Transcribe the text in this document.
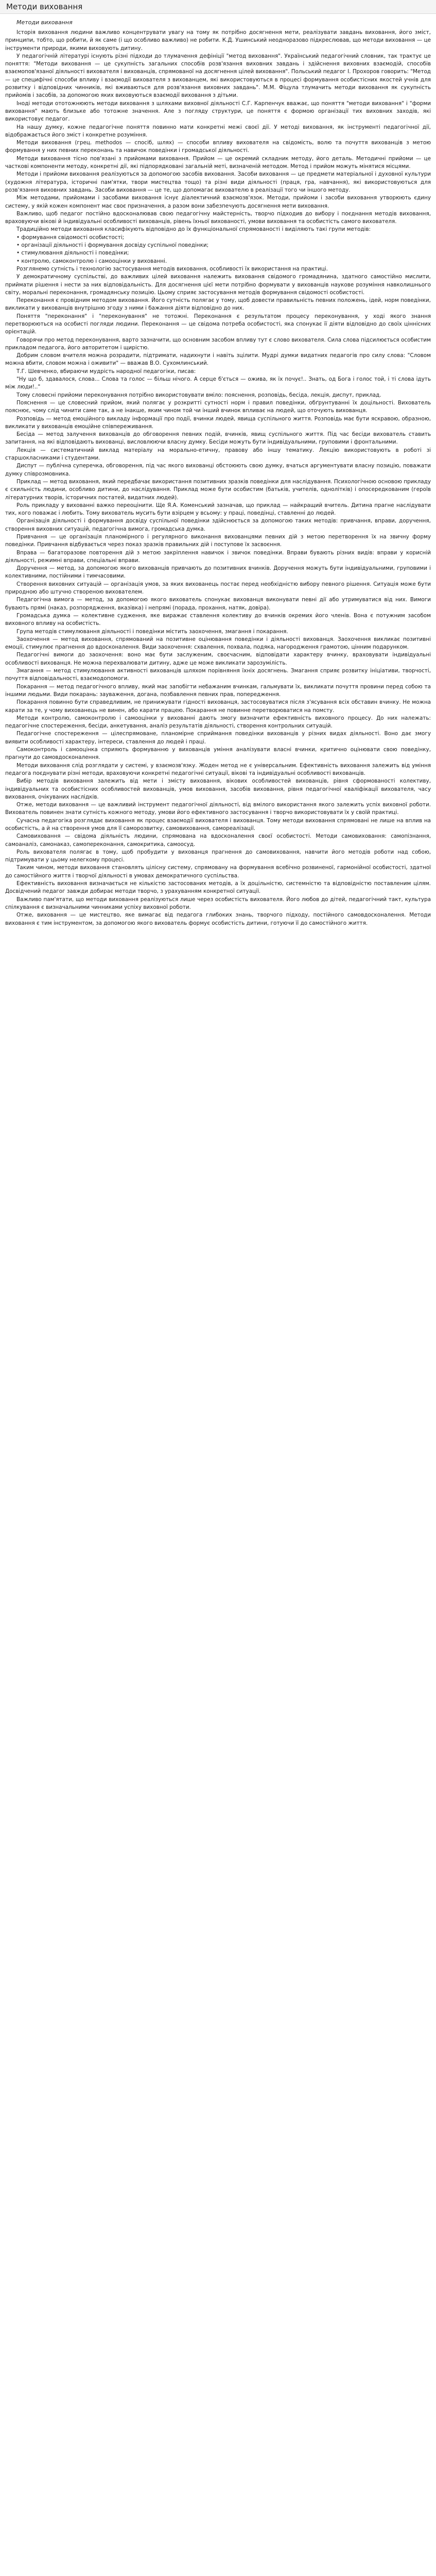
Методи виховання
Методи виховання

Історія виховання людини важливо концентрувати увагу на тому як потрібно досягнення мети, реалізувати завдань виховання, його зміст, принципи, тобто, що робити, й як саме (і що особливо важливо) не робити. К.Д. Ушинський неодноразово підкреслював, що методи виховання — це інструменти природи, якими виховують дитину.

У педагогічній літературі існують різні підходи до тлумачення дефініції "метод виховання". Український педагогічний словник, так трактує це поняття: "Методи виховання — це сукупність загальних способів розв'язання виховних завдань і здійснення виховних взаємодій, способів взаємопов'язаної діяльності вихователя і вихованців, спрямованої на досягнення цілей виховання". Польський педагог І. Прохоров говорить: "Метод — це специфічні способи впливу і взаємодії вихователя з вихованцем, які використовуються в процесі формування особистісних якостей учнів для розвитку і відповідних чинників, які вживаються для розв'язання виховних завдань". М.М. Фіцула тлумачить методи виховання як сукупність прийомів і засобів, за допомогою яких виховуються взаємодії виховання з дітьми.

Іноді методи ототожнюють методи виховання з шляхами виховної діяльності С.Г. Карпенчук вважає, що поняття "методи виховання" і "форми виховання" мають близьке або тотожне значення. Але з погляду структури, це поняття є формою організації тих виховних заходів, які використовує педагог.

На нашу думку, кожне педагогічне поняття повинно мати конкретні межі своєї дії. У методі виховання, як інструменті педагогічної дії, відображається його зміст і конкретне розуміння.

Методи виховання (грец. methodos — спосіб, шлях) — способи впливу вихователя на свідомість, волю та почуття вихованців з метою формування у них певних переконань та навичок поведінки і громадської діяльності.

Методи виховання тісно пов'язані з прийомами виховання. Прийом — це окремий складник методу, його деталь. Методичні прийоми — це часткові компоненти методу, конкретні дії, які підпорядковані загальній меті, визначеній методом. Метод і прийом можуть мінятися місцями.

Методи і прийоми виховання реалізуються за допомогою засобів виховання. Засоби виховання — це предмети матеріальної і духовної культури (художня література, історичні пам'ятки, твори мистецтва тощо) та різні види діяльності (праця, гра, навчання), які використовуються для розв'язання виховних завдань. Засоби виховання — це те, що допомагає вихователю в реалізації того чи іншого методу.

Між методами, прийомами і засобами виховання існує діалектичний взаємозв'язок. Методи, прийоми і засоби виховання утворюють єдину систему, у якій кожен компонент має своє призначення, а разом вони забезпечують досягнення мети виховання.

Важливо, щоб педагог постійно вдосконалював свою педагогічну майстерність, творчо підходив до вибору і поєднання методів виховання, враховуючи вікові й індивідуальні особливості вихованців, рівень їхньої вихованості, умови виховання та особистість самого вихователя.

Традиційно методи виховання класифікують відповідно до їх функціональної спрямованості і виділяють такі групи методів:

• формування свідомості особистості;

• організації діяльності і формування досвіду суспільної поведінки;

• стимулювання діяльності і поведінки;

• контролю, самоконтролю і самооцінки у вихованні.

Розглянемо сутність і технологію застосування методів виховання, особливості їх використання на практиці.

У демократичному суспільстві, до важливих цілей виховання належить виховання свідомого громадянина, здатного самостійно мислити, приймати рішення і нести за них відповідальність. Для досягнення цієї мети потрібно формувати у вихованців наукове розуміння навколишнього світу, моральні переконання, громадянську позицію. Цьому сприяє застосування методів формування свідомості особистості.

Переконання є провідним методом виховання. Його сутність полягає у тому, щоб довести правильність певних положень, ідей, норм поведінки, викликати у вихованців внутрішню згоду з ними і бажання діяти відповідно до них.

Поняття "переконання" і "переконування" не тотожні. Переконання є результатом процесу переконування, у ході якого знання перетворюються на особисті погляди людини. Переконання — це свідома потреба особистості, яка спонукає її діяти відповідно до своїх ціннісних орієнтацій.

Говорячи про метод переконування, варто зазначити, що основним засобом впливу тут є слово вихователя. Сила слова підсилюється особистим прикладом педагога, його авторитетом і щирістю.

Добрим словом вчителя можна розрадити, підтримати, надихнути і навіть зцілити. Мудрі думки видатних педагогів про силу слова: "Словом можна вбити, словом можна і оживити" — вважав В.О. Сухомлинський.

Т.Г. Шевченко, вбираючи мудрість народної педагогіки, писав:

"Ну що б, здавалося, слова... Слова та голос — більш нічого. А серце б'ється — ожива, як їх почує!.. Знать, од Бога і голос той, і ті слова ідуть між люди!.."

Тому словесні прийоми переконування потрібно використовувати вміло: пояснення, розповідь, бесіда, лекція, диспут, приклад.

Пояснення — це словесний прийом, який полягає у розкритті сутності норм і правил поведінки, обґрунтуванні їх доцільності. Вихователь пояснює, чому слід чинити саме так, а не інакше, яким чином той чи інший вчинок впливає на людей, що оточують вихованця.

Розповідь — метод емоційного викладу інформації про події, вчинки людей, явища суспільного життя. Розповідь має бути яскравою, образною, викликати у вихованців емоційне співпереживання.

Бесіда — метод залучення вихованців до обговорення певних подій, вчинків, явищ суспільного життя. Під час бесіди вихователь ставить запитання, на які відповідають вихованці, висловлюючи власну думку. Бесіди можуть бути індивідуальними, груповими і фронтальними.

Лекція — систематичний виклад матеріалу на морально-етичну, правову або іншу тематику. Лекцію використовують в роботі зі старшокласниками і студентами.

Диспут — публічна суперечка, обговорення, під час якого вихованці обстоюють свою думку, вчаться аргументувати власну позицію, поважати думку співрозмовника.

Приклад — метод виховання, який передбачає використання позитивних зразків поведінки для наслідування. Психологічною основою прикладу є схильність людини, особливо дитини, до наслідування. Приклад може бути особистим (батьків, учителів, однолітків) і опосередкованим (героїв літературних творів, історичних постатей, видатних людей).

Роль прикладу у вихованні важко переоцінити. Ще Я.А. Коменський зазначав, що приклад — найкращий вчитель. Дитина прагне наслідувати тих, кого поважає і любить. Тому вихователь мусить бути взірцем у всьому: у праці, поведінці, ставленні до людей.

Організація діяльності і формування досвіду суспільної поведінки здійснюється за допомогою таких методів: привчання, вправи, доручення, створення виховних ситуацій, педагогічна вимога, громадська думка.

Привчання — це організація планомірного і регулярного виконання вихованцями певних дій з метою перетворення їх на звичну форму поведінки. Привчання відбувається через показ зразків правильних дій і поступове їх засвоєння.

Вправа — багаторазове повторення дій з метою закріплення навичок і звичок поведінки. Вправи бувають різних видів: вправи у корисній діяльності, режимні вправи, спеціальні вправи.

Доручення — метод, за допомогою якого вихованців привчають до позитивних вчинків. Доручення можуть бути індивідуальними, груповими і колективними, постійними і тимчасовими.

Створення виховних ситуацій — організація умов, за яких вихованець постає перед необхідністю вибору певного рішення. Ситуація може бути природною або штучно створеною вихователем.

Педагогічна вимога — метод, за допомогою якого вихователь спонукає вихованця виконувати певні дії або утримуватися від них. Вимоги бувають прямі (наказ, розпорядження, вказівка) і непрямі (порада, прохання, натяк, довіра).

Громадська думка — колективне судження, яке виражає ставлення колективу до вчинків окремих його членів. Вона є потужним засобом виховного впливу на особистість.

Група методів стимулювання діяльності і поведінки містить заохочення, змагання і покарання.

Заохочення — метод виховання, спрямований на позитивне оцінювання поведінки і діяльності вихованця. Заохочення викликає позитивні емоції, стимулює прагнення до вдосконалення. Види заохочення: схвалення, похвала, подяка, нагородження грамотою, цінним подарунком.

Педагогічні вимоги до заохочення: воно має бути заслуженим, своєчасним, відповідати характеру вчинку, враховувати індивідуальні особливості вихованця. Не можна перехвалювати дитину, адже це може викликати зарозумілість.

Змагання — метод стимулювання активності вихованців шляхом порівняння їхніх досягнень. Змагання сприяє розвитку ініціативи, творчості, почуття відповідальності, взаємодопомоги.

Покарання — метод педагогічного впливу, який має запобігти небажаним вчинкам, гальмувати їх, викликати почуття провини перед собою та іншими людьми. Види покарань: зауваження, догана, позбавлення певних прав, попередження.

Покарання повинно бути справедливим, не принижувати гідності вихованця, застосовуватися після з'ясування всіх обставин вчинку. Не можна карати за те, у чому вихованець не винен, або карати працею. Покарання не повинне перетворюватися на помсту.

Методи контролю, самоконтролю і самооцінки у вихованні дають змогу визначити ефективність виховного процесу. До них належать: педагогічне спостереження, бесіди, анкетування, аналіз результатів діяльності, створення контрольних ситуацій.

Педагогічне спостереження — цілеспрямоване, планомірне сприймання поведінки вихованців у різних видах діяльності. Воно дає змогу виявити особливості характеру, інтереси, ставлення до людей і праці.

Самоконтроль і самооцінка сприяють формуванню у вихованців уміння аналізувати власні вчинки, критично оцінювати свою поведінку, прагнути до самовдосконалення.

Методи виховання слід розглядати у системі, у взаємозв'язку. Жоден метод не є універсальним. Ефективність виховання залежить від уміння педагога поєднувати різні методи, враховуючи конкретні педагогічні ситуації, вікові та індивідуальні особливості вихованців.

Вибір методів виховання залежить від мети і змісту виховання, вікових особливостей вихованців, рівня сформованості колективу, індивідуальних та особистісних особливостей вихованців, умов виховання, засобів виховання, рівня педагогічної кваліфікації вихователя, часу виховання, очікуваних наслідків.

Отже, методи виховання — це важливий інструмент педагогічної діяльності, від вмілого використання якого залежить успіх виховної роботи. Вихователь повинен знати сутність кожного методу, умови його ефективного застосування і творчо використовувати їх у своїй практиці.

Сучасна педагогіка розглядає виховання як процес взаємодії вихователя і вихованця. Тому методи виховання спрямовані не лише на вплив на особистість, а й на створення умов для її саморозвитку, самовиховання, самореалізації.

Самовиховання — свідома діяльність людини, спрямована на вдосконалення своєї особистості. Методи самовиховання: самопізнання, самоаналіз, самонаказ, самопереконання, самокритика, самоосуд.

Роль вихователя полягає в тому, щоб пробудити у вихованця прагнення до самовиховання, навчити його методів роботи над собою, підтримувати у цьому нелегкому процесі.

Таким чином, методи виховання становлять цілісну систему, спрямовану на формування всебічно розвиненої, гармонійної особистості, здатної до самостійного життя і творчої діяльності в умовах демократичного суспільства.

Ефективність виховання визначається не кількістю застосованих методів, а їх доцільністю, системністю та відповідністю поставленим цілям. Досвідчений педагог завжди добирає методи творчо, з урахуванням конкретної ситуації.

Важливо пам'ятати, що методи виховання реалізуються лише через особистість вихователя. Його любов до дітей, педагогічний такт, культура спілкування є визначальними чинниками успіху виховної роботи.

Отже, виховання — це мистецтво, яке вимагає від педагога глибоких знань, творчого підходу, постійного самовдосконалення. Методи виховання є тим інструментом, за допомогою якого вихователь формує особистість дитини, готуючи її до самостійного життя.
